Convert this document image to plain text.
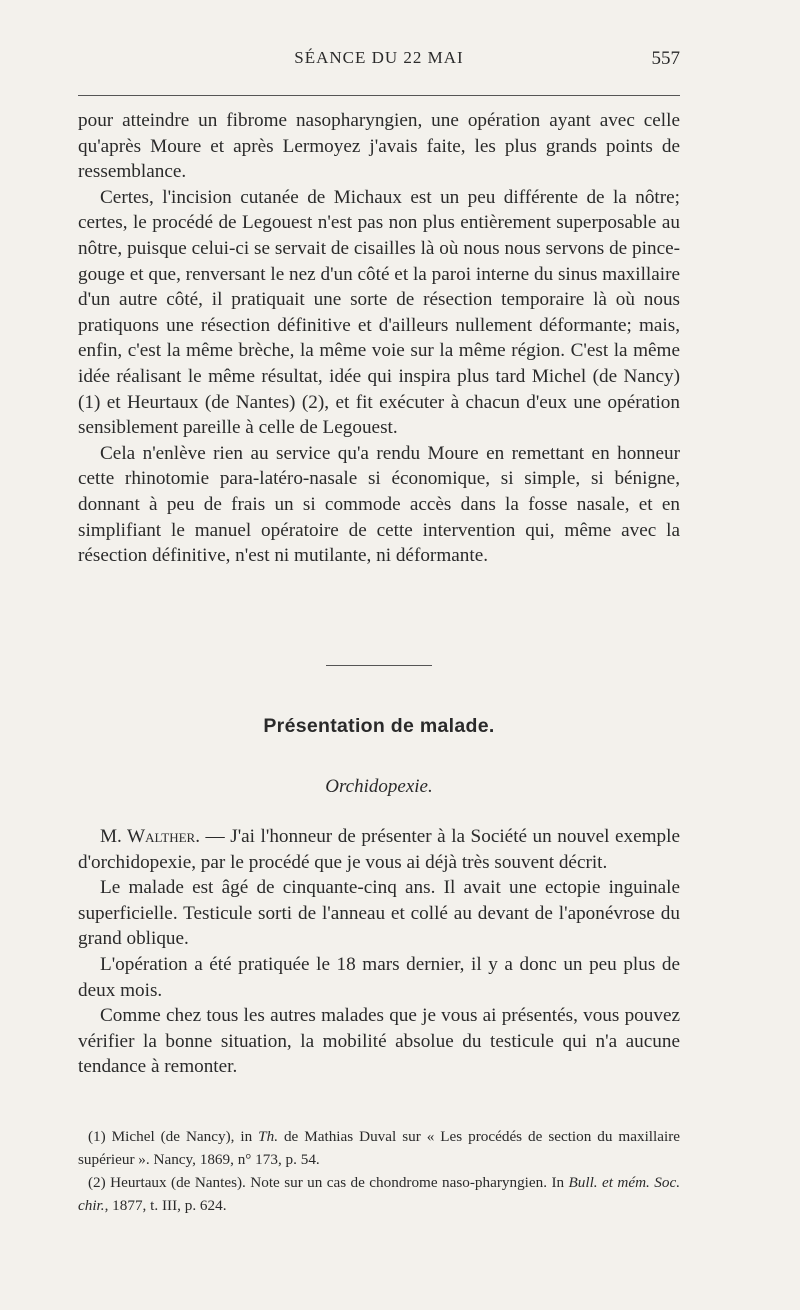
SÉANCE DU 22 MAI	557

pour atteindre un fibrome nasopharyngien, une opération ayant avec celle qu'après Moure et après Lermoyez j'avais faite, les plus grands points de ressemblance.

Certes, l'incision cutanée de Michaux est un peu différente de la nôtre; certes, le procédé de Legouest n'est pas non plus entièrement superposable au nôtre, puisque celui-ci se servait de cisailles là où nous nous servons de pince-gouge et que, renversant le nez d'un côté et la paroi interne du sinus maxillaire d'un autre côté, il pratiquait une sorte de résection temporaire là où nous pratiquons une résection définitive et d'ailleurs nullement déformante; mais, enfin, c'est la même brèche, la même voie sur la même région. C'est la même idée réalisant le même résultat, idée qui inspira plus tard Michel (de Nancy) (1) et Heurtaux (de Nantes) (2), et fit exécuter à chacun d'eux une opération sensiblement pareille à celle de Legouest.

Cela n'enlève rien au service qu'a rendu Moure en remettant en honneur cette rhinotomie para-latéro-nasale si économique, si simple, si bénigne, donnant à peu de frais un si commode accès dans la fosse nasale, et en simplifiant le manuel opératoire de cette intervention qui, même avec la résection définitive, n'est ni mutilante, ni déformante.

Présentation de malade.
Orchidopexie.

M. Walther. — J'ai l'honneur de présenter à la Société un nouvel exemple d'orchidopexie, par le procédé que je vous ai déjà très souvent décrit.

Le malade est âgé de cinquante-cinq ans. Il avait une ectopie inguinale superficielle. Testicule sorti de l'anneau et collé au devant de l'aponévrose du grand oblique.

L'opération a été pratiquée le 18 mars dernier, il y a donc un peu plus de deux mois.

Comme chez tous les autres malades que je vous ai présentés, vous pouvez vérifier la bonne situation, la mobilité absolue du testicule qui n'a aucune tendance à remonter.

(1) Michel (de Nancy), in Th. de Mathias Duval sur « Les procédés de section du maxillaire supérieur ». Nancy, 1869, n° 173, p. 54.

(2) Heurtaux (de Nantes). Note sur un cas de chondrome naso-pharyngien. In Bull. et mém. Soc. chir., 1877, t. III, p. 624.
